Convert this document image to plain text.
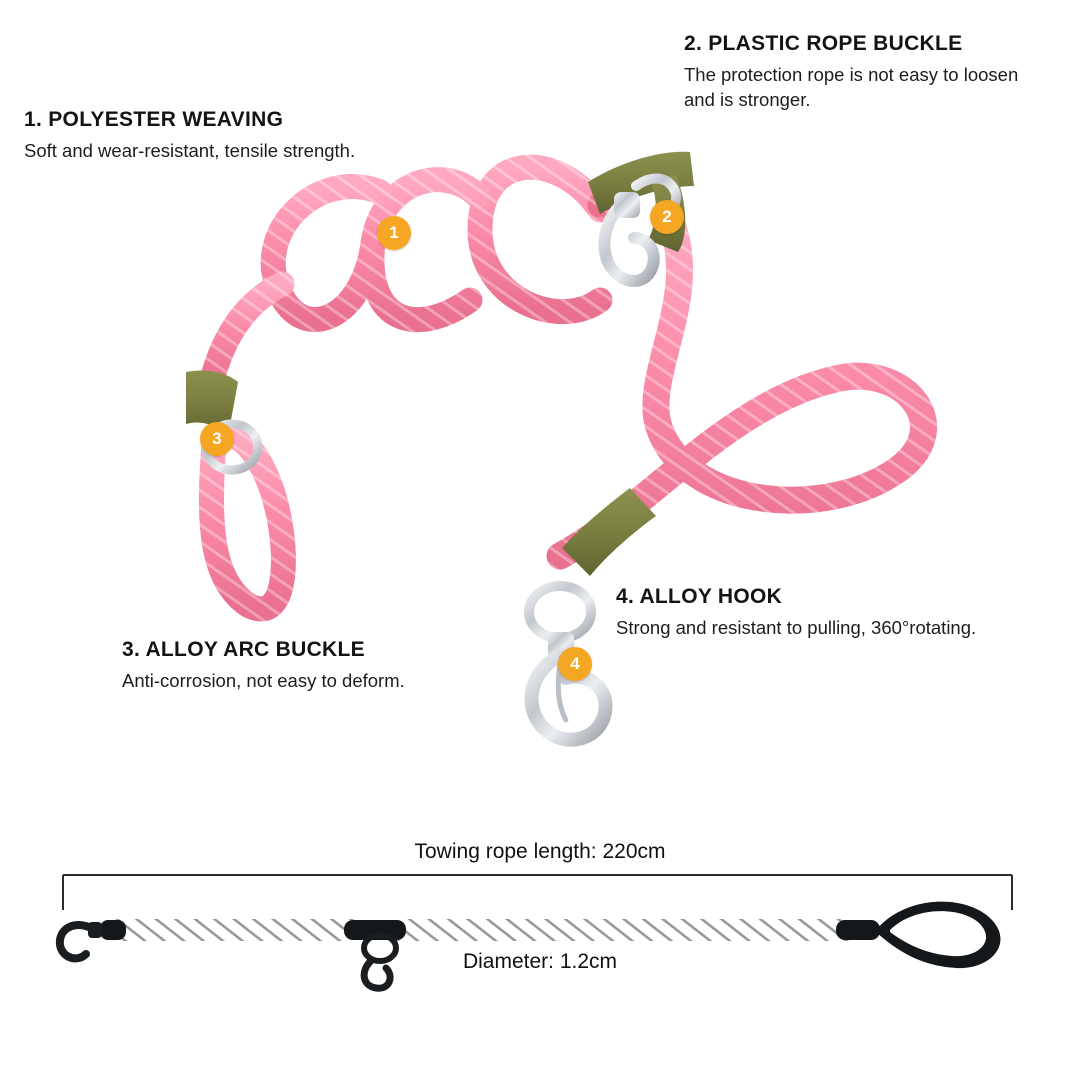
1. POLYESTER WEAVING

Soft and wear-resistant, tensile strength.

2. PLASTIC ROPE BUCKLE

The protection rope is not easy to loosen and is stronger.

3. ALLOY ARC BUCKLE

Anti-corrosion, not easy to deform.

4. ALLOY HOOK

Strong and resistant to pulling, 360°rotating.

1
2
3
4
Towing rope length: 220cm
Diameter: 1.2cm
